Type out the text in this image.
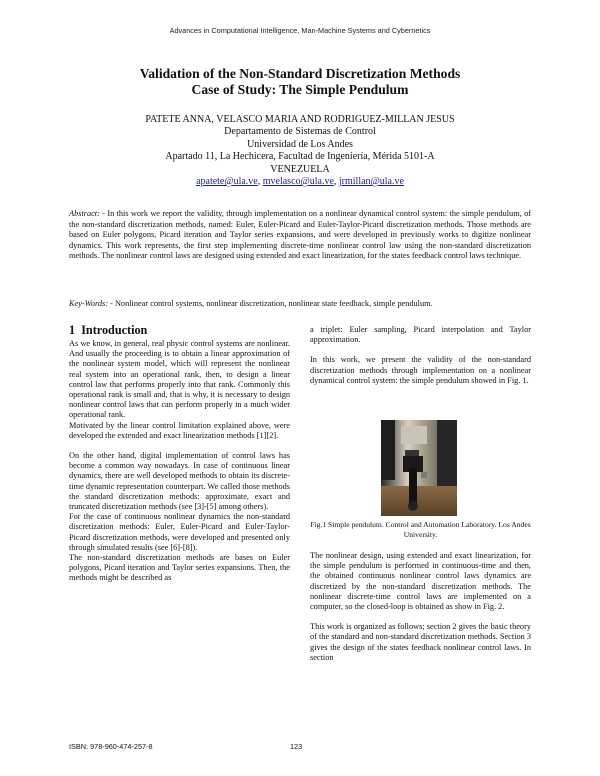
Advances in Computational Intelligence, Man-Machine Systems and Cybernetics
Validation of the Non-Standard Discretization Methods
Case of Study: The Simple Pendulum
PATETE ANNA, VELASCO MARIA AND RODRIGUEZ-MILLAN JESUS
Departamento de Sistemas de Control
Universidad de Los Andes
Apartado 11, La Hechicera, Facultad de Ingeniería, Mérida 5101-A
VENEZUELA
apatete@ula.ve, mvelasco@ula.ve, jrmillan@ula.ve
Abstract: - In this work we report the validity, through implementation on a nonlinear dynamical control system: the simple pendulum, of the non-standard discretization methods, named: Euler, Euler-Picard and Euler-Taylor-Picard discretization methods. Those methods are based on Euler polygons, Picard iteration and Taylor series expansions, and were developed in previously works to digitize nonlinear dynamics. This work represents, the first step implementing discrete-time nonlinear control law using the non-standard discretization methods. The nonlinear control laws are designed using extended and exact linearization, for the states feedback control laws technique.
Key-Words: - Nonlinear control systems, nonlinear discretization, nonlinear state feedback, simple pendulum.
1 Introduction

As we know, in general, real physic control systems are nonlinear. And usually the proceeding is to obtain a linear approximation of the nonlinear system model, which will represent the nonlinear real system into an operational rank, then, to design a linear control law that performs properly into that rank. Commonly this operational rank is small and, that is why, it is necessary to design nonlinear control laws that can perform properly in a much wider operational rank.

Motivated by the linear control limitation explained above, were developed the extended and exact linearization methods [1][2].

On the other hand, digital implementation of control laws has become a common way nowadays. In case of continuous linear dynamics, there are well developed methods to obtain its discrete-time dynamic representation counterpart. We called those methods the standard discretization methods: approximate, exact and truncated discretization methods (see [3]-[5] among others).

For the case of continuous nonlinear dynamics the non-standard discretization methods: Euler, Euler-Picard and Euler-Taylor-Picard discretization methods, were developed and presented only through simulated results (see [6]-[8]).

The non-standard discretization methods are bases on Euler polygons, Picard iteration and Taylor series expansions. Then, the methods might be described as

a triplet: Euler sampling, Picard interpolation and Taylor approximation.

In this work, we present the validity of the non-standard discretization methods through implementation on a nonlinear dynamical control system: the simple pendulum showed in Fig. 1.

Fig.1 Simple pendulum. Control and Automation Laboratory. Los Andes University.

The nonlinear design, using extended and exact linearization, for the simple pendulum is performed in continuous-time and then, the obtained continuous nonlinear control laws dynamics are discretized by the non-standard discretization methods. The nonlinear discrete-time control laws are implemented on a computer, so the closed-loop is obtained as show in Fig. 2.

This work is organized as follows; section 2 gives the basic theory of the standard and non-standard discretization methods. Section 3 gives the design of the states feedback nonlinear control laws. In section

ISBN: 978-960-474-257-8	123
